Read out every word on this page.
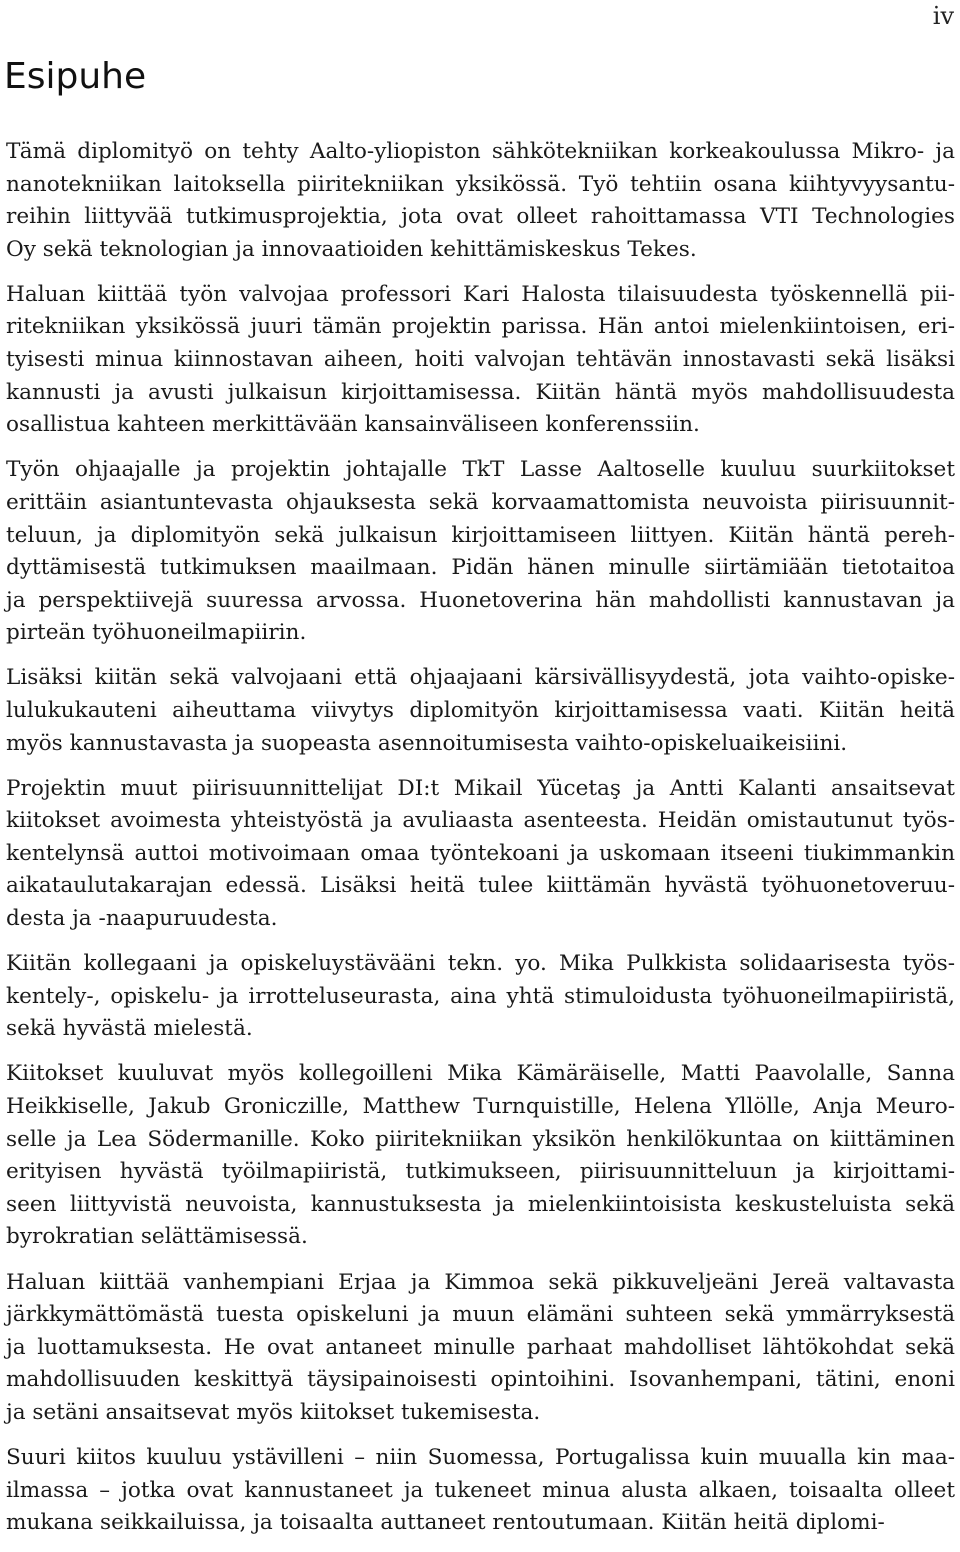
iv
Esipuhe

Tämä diplomityö on tehty Aalto-yliopiston sähkötekniikan korkeakoulussa Mikro- ja
nanotekniikan laitoksella piiritekniikan yksikössä. Työ tehtiin osana kiihtyvyysantu-
reihin liittyvää tutkimusprojektia, jota ovat olleet rahoittamassa VTI Technologies
Oy sekä teknologian ja innovaatioiden kehittämiskeskus Tekes.

Haluan kiittää työn valvojaa professori Kari Halosta tilaisuudesta työskennellä pii-
ritekniikan yksikössä juuri tämän projektin parissa. Hän antoi mielenkiintoisen, eri-
tyisesti minua kiinnostavan aiheen, hoiti valvojan tehtävän innostavasti sekä lisäksi
kannusti ja avusti julkaisun kirjoittamisessa. Kiitän häntä myös mahdollisuudesta
osallistua kahteen merkittävään kansainväliseen konferenssiin.

Työn ohjaajalle ja projektin johtajalle TkT Lasse Aaltoselle kuuluu suurkiitokset
erittäin asiantuntevasta ohjauksesta sekä korvaamattomista neuvoista piirisuunnit-
teluun, ja diplomityön sekä julkaisun kirjoittamiseen liittyen. Kiitän häntä pereh-
dyttämisestä tutkimuksen maailmaan. Pidän hänen minulle siirtämiään tietotaitoa
ja perspektiivejä suuressa arvossa. Huonetoverina hän mahdollisti kannustavan ja
pirteän työhuoneilmapiirin.

Lisäksi kiitän sekä valvojaani että ohjaajaani kärsivällisyydestä, jota vaihto-opiske-
lulukukauteni aiheuttama viivytys diplomityön kirjoittamisessa vaati. Kiitän heitä
myös kannustavasta ja suopeasta asennoitumisesta vaihto-opiskeluaikeisiini.

Projektin muut piirisuunnittelijat DI:t Mikail Yücetaş ja Antti Kalanti ansaitsevat
kiitokset avoimesta yhteistyöstä ja avuliaasta asenteesta. Heidän omistautunut työs-
kentelynsä auttoi motivoimaan omaa työntekoani ja uskomaan itseeni tiukimmankin
aikataulutakarajan edessä. Lisäksi heitä tulee kiittämän hyvästä työhuonetoveruu-
desta ja -naapuruudesta.

Kiitän kollegaani ja opiskeluystävääni tekn. yo. Mika Pulkkista solidaarisesta työs-
kentely-, opiskelu- ja irrotteluseurasta, aina yhtä stimuloidusta työhuoneilmapiiristä,
sekä hyvästä mielestä.

Kiitokset kuuluvat myös kollegoilleni Mika Kämäräiselle, Matti Paavolalle, Sanna
Heikkiselle, Jakub Groniczille, Matthew Turnquistille, Helena Yllölle, Anja Meuro-
selle ja Lea Södermanille. Koko piiritekniikan yksikön henkilökuntaa on kiittäminen
erityisen hyvästä työilmapiiristä, tutkimukseen, piirisuunnitteluun ja kirjoittami-
seen liittyvistä neuvoista, kannustuksesta ja mielenkiintoisista keskusteluista sekä
byrokratian selättämisessä.

Haluan kiittää vanhempiani Erjaa ja Kimmoa sekä pikkuveljeäni Jereä valtavasta
järkkymättömästä tuesta opiskeluni ja muun elämäni suhteen sekä ymmärryksestä
ja luottamuksesta. He ovat antaneet minulle parhaat mahdolliset lähtökohdat sekä
mahdollisuuden keskittyä täysipainoisesti opintoihini. Isovanhempani, tätini, enoni
ja setäni ansaitsevat myös kiitokset tukemisesta.

Suuri kiitos kuuluu ystävilleni – niin Suomessa, Portugalissa kuin muualla kin maa-
ilmassa – jotka ovat kannustaneet ja tukeneet minua alusta alkaen, toisaalta olleet
mukana seikkailuissa, ja toisaalta auttaneet rentoutumaan. Kiitän heitä diplomi-
